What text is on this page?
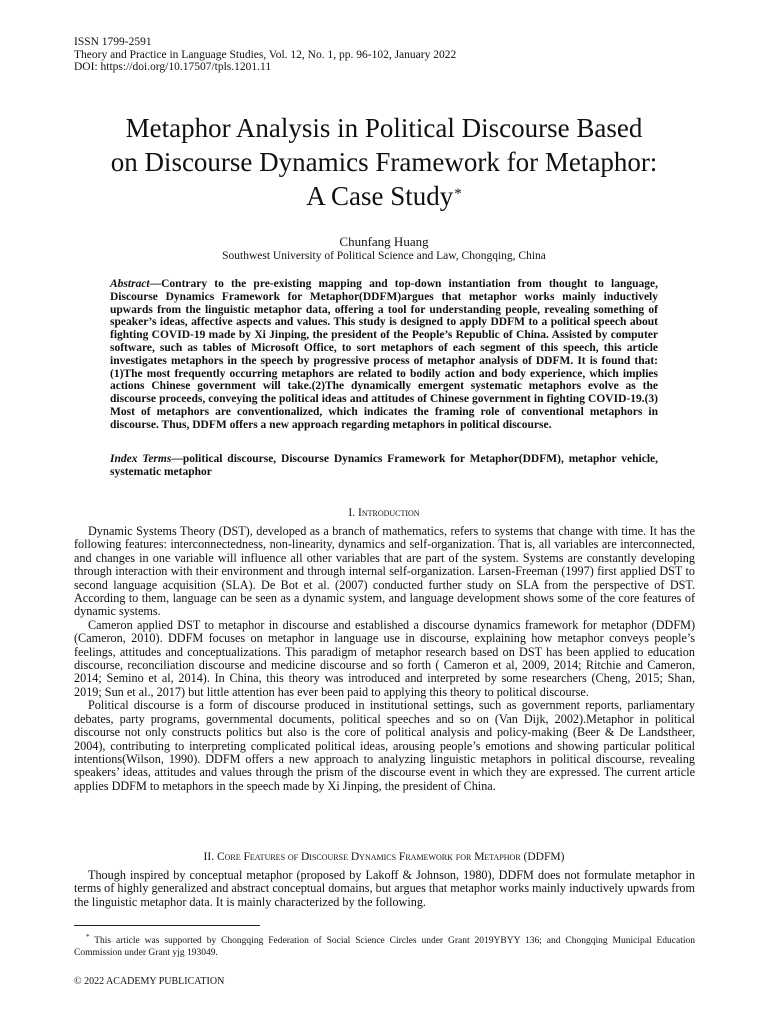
ISSN 1799-2591
Theory and Practice in Language Studies, Vol. 12, No. 1, pp. 96-102, January 2022
DOI: https://doi.org/10.17507/tpls.1201.11
Metaphor Analysis in Political Discourse Based
on Discourse Dynamics Framework for Metaphor:
A Case Study*
Chunfang Huang
Southwest University of Political Science and Law, Chongqing, China
Abstract—Contrary to the pre-existing mapping and top-down instantiation from thought to language, Discourse Dynamics Framework for Metaphor(DDFM)argues that metaphor works mainly inductively upwards from the linguistic metaphor data, offering a tool for understanding people, revealing something of speaker’s ideas, affective aspects and values. This study is designed to apply DDFM to a political speech about fighting COVID-19 made by Xi Jinping, the president of the People’s Republic of China. Assisted by computer software, such as tables of Microsoft Office, to sort metaphors of each segment of this speech, this article investigates metaphors in the speech by progressive process of metaphor analysis of DDFM. It is found that: (1)The most frequently occurring metaphors are related to bodily action and body experience, which implies actions Chinese government will take.(2)The dynamically emergent systematic metaphors evolve as the discourse proceeds, conveying the political ideas and attitudes of Chinese government in fighting COVID-19.(3) Most of metaphors are conventionalized, which indicates the framing role of conventional metaphors in discourse. Thus, DDFM offers a new approach regarding metaphors in political discourse.
Index Terms—political discourse, Discourse Dynamics Framework for Metaphor(DDFM), metaphor vehicle, systematic metaphor
I. Introduction

Dynamic Systems Theory (DST), developed as a branch of mathematics, refers to systems that change with time. It has the following features: interconnectedness, non-linearity, dynamics and self-organization. That is, all variables are interconnected, and changes in one variable will influence all other variables that are part of the system. Systems are constantly developing through interaction with their environment and through internal self-organization. Larsen-Freeman (1997) first applied DST to second language acquisition (SLA). De Bot et al. (2007) conducted further study on SLA from the perspective of DST. According to them, language can be seen as a dynamic system, and language development shows some of the core features of dynamic systems.

Cameron applied DST to metaphor in discourse and established a discourse dynamics framework for metaphor (DDFM) (Cameron, 2010). DDFM focuses on metaphor in language use in discourse, explaining how metaphor conveys people’s feelings, attitudes and conceptualizations. This paradigm of metaphor research based on DST has been applied to education discourse, reconciliation discourse and medicine discourse and so forth ( Cameron et al, 2009, 2014; Ritchie and Cameron, 2014; Semino et al, 2014). In China, this theory was introduced and interpreted by some researchers (Cheng, 2015; Shan, 2019; Sun et al., 2017) but little attention has ever been paid to applying this theory to political discourse.

Political discourse is a form of discourse produced in institutional settings, such as government reports, parliamentary debates, party programs, governmental documents, political speeches and so on (Van Dijk, 2002).Metaphor in political discourse not only constructs politics but also is the core of political analysis and policy-making (Beer & De Landstheer, 2004), contributing to interpreting complicated political ideas, arousing people’s emotions and showing particular political intentions(Wilson, 1990). DDFM offers a new approach to analyzing linguistic metaphors in political discourse, revealing speakers’ ideas, attitudes and values through the prism of the discourse event in which they are expressed. The current article applies DDFM to metaphors in the speech made by Xi Jinping, the president of China.

II. Core Features of Discourse Dynamics Framework for Metaphor (DDFM)

Though inspired by conceptual metaphor (proposed by Lakoff & Johnson, 1980), DDFM does not formulate metaphor in terms of highly generalized and abstract conceptual domains, but argues that metaphor works mainly inductively upwards from the linguistic metaphor data. It is mainly characterized by the following.

* This article was supported by Chongqing Federation of Social Science Circles under Grant 2019YBYY 136; and Chongqing Municipal Education Commission under Grant yjg 193049.

© 2022 ACADEMY PUBLICATION
